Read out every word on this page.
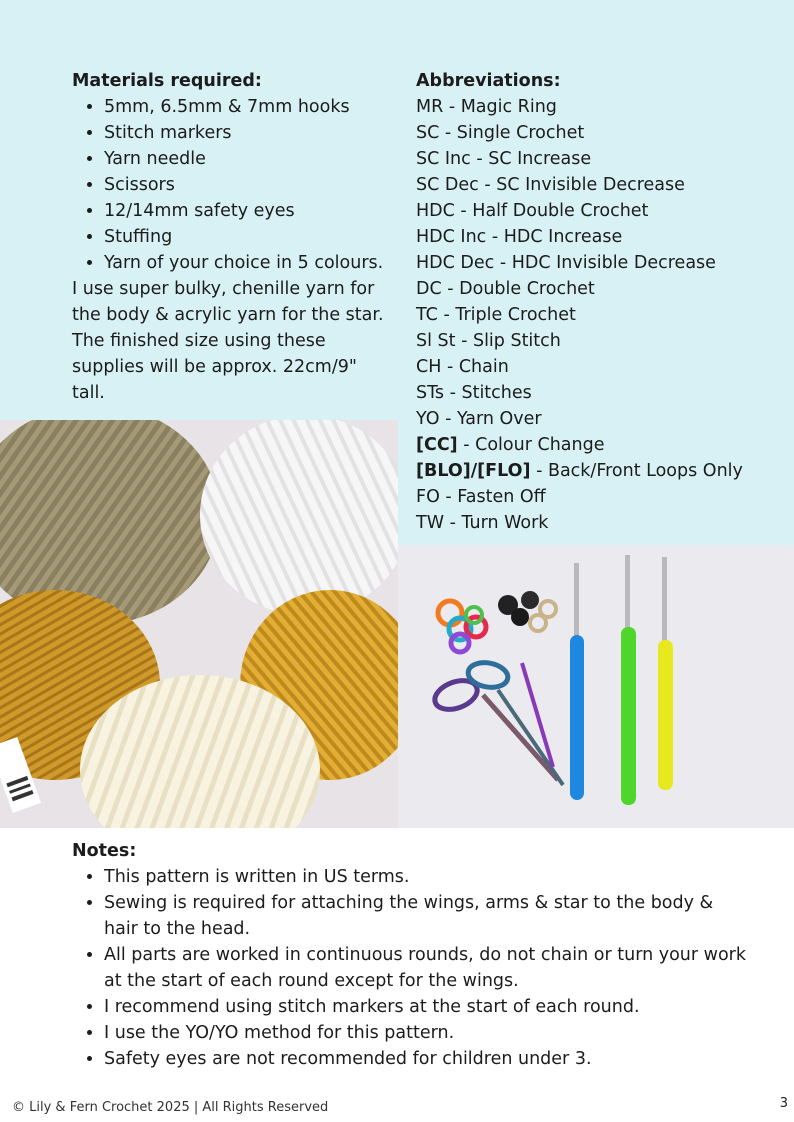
Materials required:
• 5mm, 6.5mm & 7mm hooks
• Stitch markers
• Yarn needle
• Scissors
• 12/14mm safety eyes
• Stuffing
• Yarn of your choice in 5 colours.

I use super bulky, chenille yarn for
the body & acrylic yarn for the star.
The finished size using these
supplies will be approx. 22cm/9"
tall.

Abbreviations:
MR - Magic Ring
SC - Single Crochet
SC Inc - SC Increase
SC Dec - SC Invisible Decrease
HDC - Half Double Crochet
HDC Inc - HDC Increase
HDC Dec - HDC Invisible Decrease
DC - Double Crochet
TC - Triple Crochet
Sl St - Slip Stitch
CH - Chain
STs - Stitches
YO - Yarn Over
[CC] - Colour Change
[BLO]/[FLO] - Back/Front Loops Only
FO - Fasten Off
TW - Turn Work
Notes:
• This pattern is written in US terms.
• Sewing is required for attaching the wings, arms & star to the body & hair to the head.
• All parts are worked in continuous rounds, do not chain or turn your work at the start of each round except for the wings.
• I recommend using stitch markers at the start of each round.
• I use the YO/YO method for this pattern.
• Safety eyes are not recommended for children under 3.
© Lily & Fern Crochet 2025 | All Rights Reserved	3
